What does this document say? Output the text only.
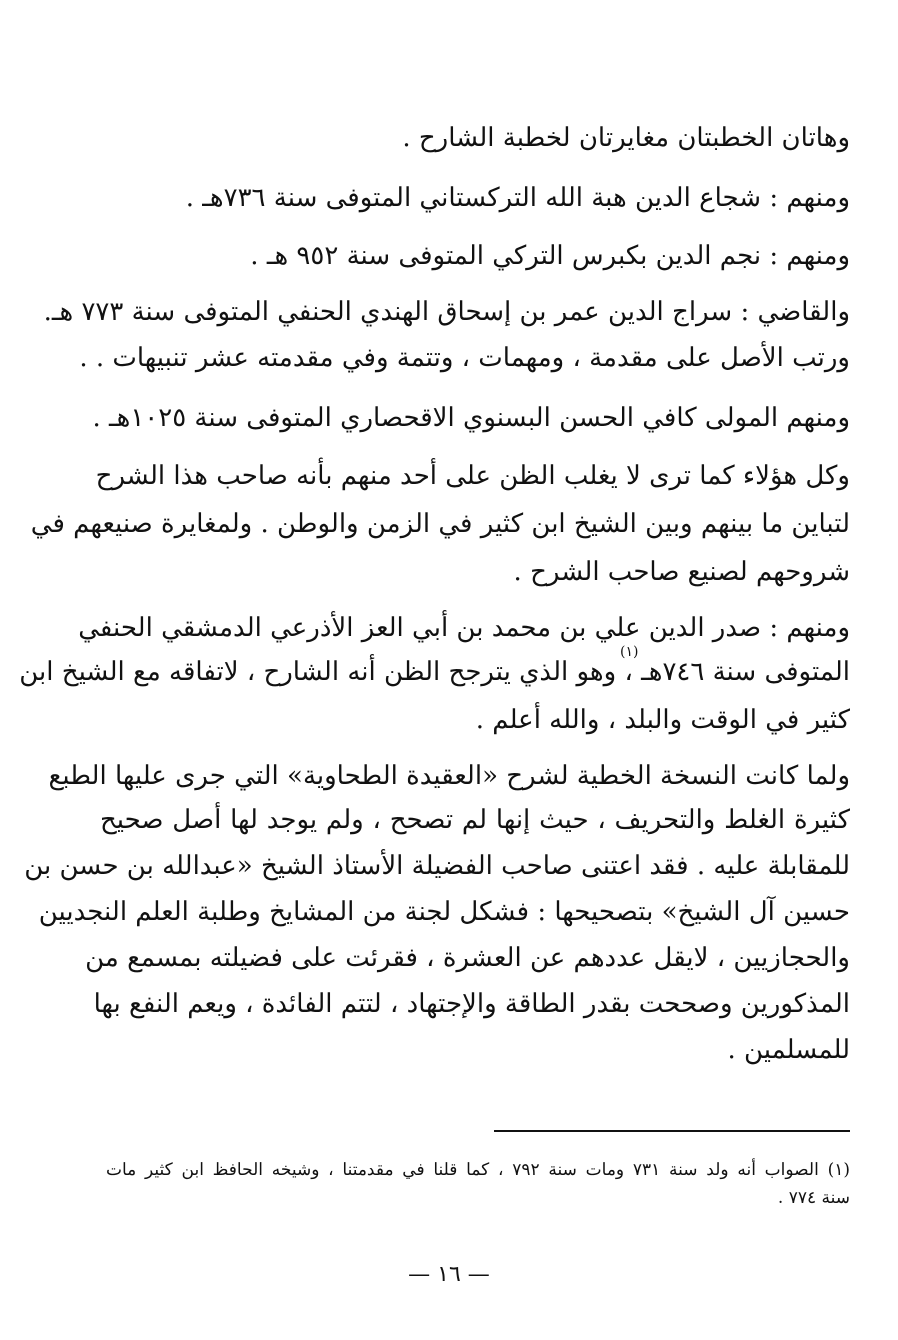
وهاتان الخطبتان مغايرتان لخطبة الشارح .
ومنهم : شجاع الدين هبة الله التركستاني المتوفى سنة ٧٣٦هـ .
ومنهم : نجم الدين بكبرس التركي المتوفى سنة ٩٥٢ هـ .
والقاضي : سراج الدين عمر بن إسحاق الهندي الحنفي المتوفى سنة ٧٧٣ هـ.
ورتب الأصل على مقدمة ، ومهمات ، وتتمة وفي مقدمته عشر تنبيهات . .
ومنهم المولى كافي الحسن البسنوي الاقحصاري المتوفى سنة ١٠٢٥هـ .
وكل هؤلاء كما ترى لا يغلب الظن على أحد منهم بأنه صاحب هذا الشرح
لتباين ما بينهم وبين الشيخ ابن كثير في الزمن والوطن . ولمغايرة صنيعهم في
شروحهم لصنيع صاحب الشرح .
ومنهم : صدر الدين علي بن محمد بن أبي العز الأذرعي الدمشقي الحنفي
المتوفى سنة ٧٤٦هـ ، وهو الذي يترجح الظن أنه الشارح ، لاتفاقه مع الشيخ ابن
(١)
كثير في الوقت والبلد ، والله أعلم .
ولما كانت النسخة الخطية لشرح «العقيدة الطحاوية» التي جرى عليها الطبع
كثيرة الغلط والتحريف ، حيث إنها لم تصحح ، ولم يوجد لها أصل صحيح
للمقابلة عليه . فقد اعتنى صاحب الفضيلة الأستاذ الشيخ «عبدالله بن حسن بن
حسين آل الشيخ» بتصحيحها : فشكل لجنة من المشايخ وطلبة العلم النجديين
والحجازيين ، لايقل عددهم عن العشرة ، فقرئت على فضيلته بمسمع من
المذكورين وصححت بقدر الطاقة والإجتهاد ، لتتم الفائدة ، ويعم النفع بها
للمسلمين .
(١) الصواب أنه ولد سنة ٧٣١ ومات سنة ٧٩٢ ، كما قلنا في مقدمتنا ، وشيخه الحافظ ابن كثير مات
سنة ٧٧٤ .
— ١٦ —
